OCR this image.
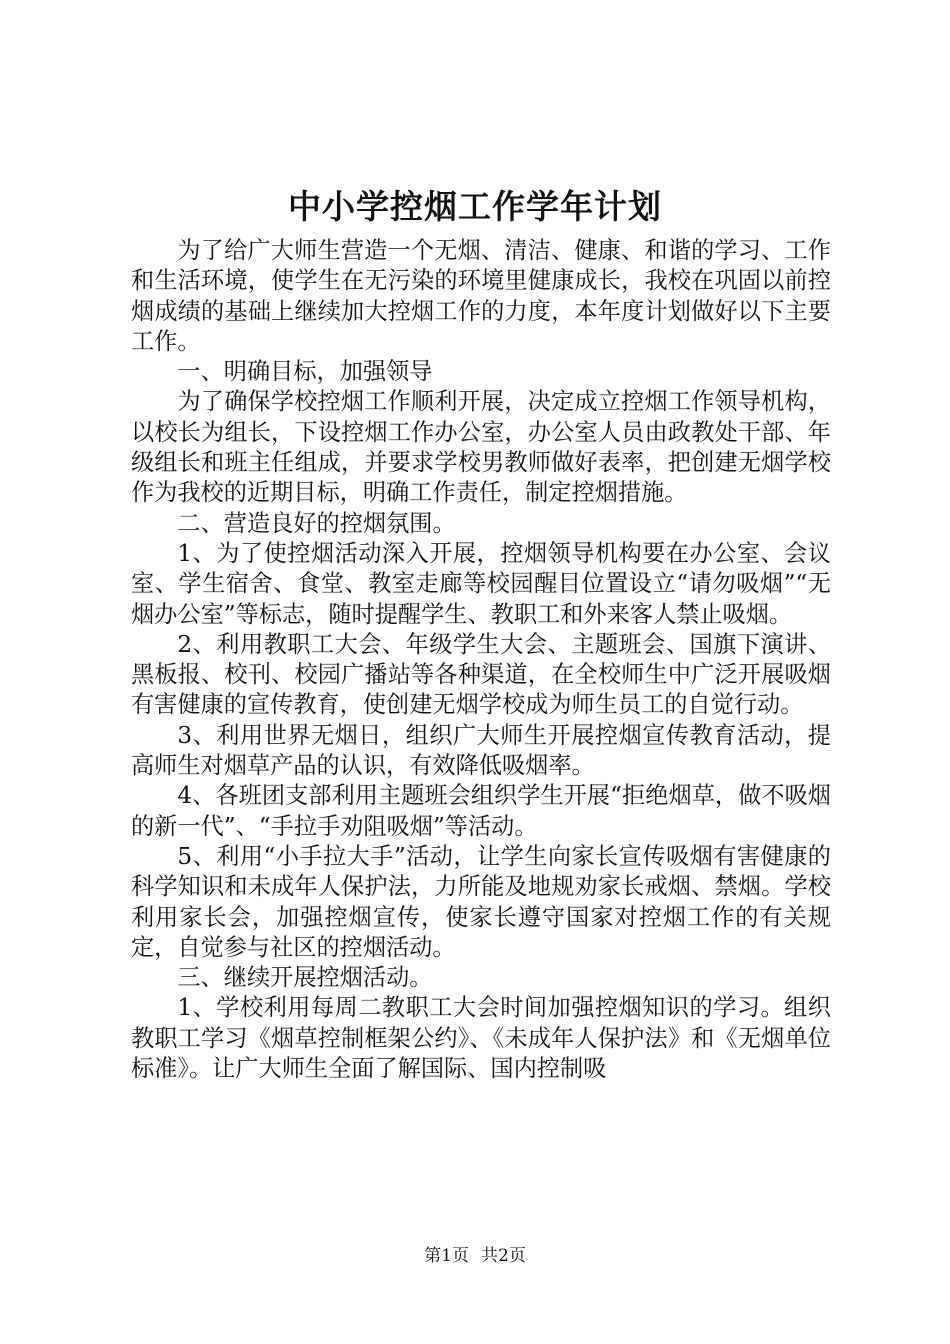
中小学控烟工作学年计划

为了给广大师生营造一个无烟、清洁、健康、和谐的学习、工作和生活环境，使学生在无污染的环境里健康成长，我校在巩固以前控烟成绩的基础上继续加大控烟工作的力度，本年度计划做好以下主要工作。

一、明确目标，加强领导

为了确保学校控烟工作顺利开展，决定成立控烟工作领导机构，以校长为组长，下设控烟工作办公室，办公室人员由政教处干部、年级组长和班主任组成，并要求学校男教师做好表率，把创建无烟学校作为我校的近期目标，明确工作责任，制定控烟措施。

二、营造良好的控烟氛围。

1、为了使控烟活动深入开展，控烟领导机构要在办公室、会议室、学生宿舍、食堂、教室走廊等校园醒目位置设立“请勿吸烟”“无烟办公室”等标志，随时提醒学生、教职工和外来客人禁止吸烟。

2、利用教职工大会、年级学生大会、主题班会、国旗下演讲、黑板报、校刊、校园广播站等各种渠道，在全校师生中广泛开展吸烟有害健康的宣传教育，使创建无烟学校成为师生员工的自觉行动。

3、利用世界无烟日，组织广大师生开展控烟宣传教育活动，提高师生对烟草产品的认识，有效降低吸烟率。

4、各班团支部利用主题班会组织学生开展“拒绝烟草，做不吸烟的新一代”、“手拉手劝阻吸烟”等活动。

5、利用“小手拉大手”活动，让学生向家长宣传吸烟有害健康的科学知识和未成年人保护法，力所能及地规劝家长戒烟、禁烟。学校利用家长会，加强控烟宣传，使家长遵守国家对控烟工作的有关规定，自觉参与社区的控烟活动。

三、继续开展控烟活动。

1、学校利用每周二教职工大会时间加强控烟知识的学习。组织教职工学习《烟草控制框架公约》、《未成年人保护法》和《无烟单位标准》。让广大师生全面了解国际、国内控制吸

第1页 共2页
